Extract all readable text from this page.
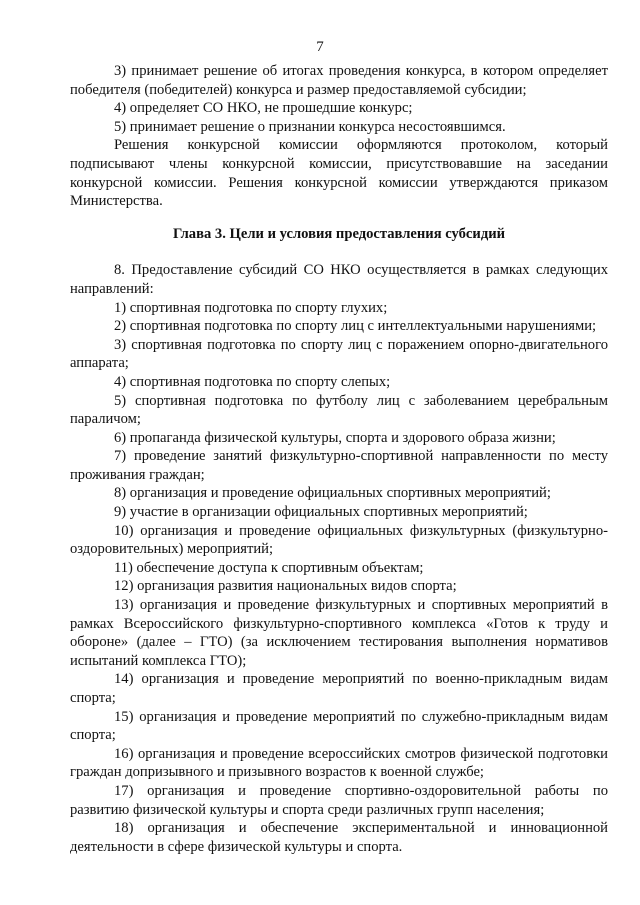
7

3) принимает решение об итогах проведения конкурса, в котором определяет победителя (победителей) конкурса и размер предоставляемой субсидии;

4) определяет СО НКО, не прошедшие конкурс;

5) принимает решение о признании конкурса несостоявшимся.

Решения конкурсной комиссии оформляются протоколом, который подписывают члены конкурсной комиссии, присутствовавшие на заседании конкурсной комиссии. Решения конкурсной комиссии утверждаются приказом Министерства.

Глава 3. Цели и условия предоставления субсидий

8. Предоставление субсидий СО НКО осуществляется в рамках следующих направлений:

1) спортивная подготовка по спорту глухих;

2) спортивная подготовка по спорту лиц с интеллектуальными нарушениями;

3) спортивная подготовка по спорту лиц с поражением опорно-двигательного аппарата;

4) спортивная подготовка по спорту слепых;

5) спортивная подготовка по футболу лиц с заболеванием церебральным параличом;

6) пропаганда физической культуры, спорта и здорового образа жизни;

7) проведение занятий физкультурно-спортивной направленности по месту проживания граждан;

8) организация и проведение официальных спортивных мероприятий;

9) участие в организации официальных спортивных мероприятий;

10) организация и проведение официальных физкультурных (физкультурно-оздоровительных) мероприятий;

11) обеспечение доступа к спортивным объектам;

12) организация развития национальных видов спорта;

13) организация и проведение физкультурных и спортивных мероприятий в рамках Всероссийского физкультурно-спортивного комплекса «Готов к труду и обороне» (далее – ГТО) (за исключением тестирования выполнения нормативов испытаний комплекса ГТО);

14) организация и проведение мероприятий по военно-прикладным видам спорта;

15) организация и проведение мероприятий по служебно-прикладным видам спорта;

16) организация и проведение всероссийских смотров физической подготовки граждан допризывного и призывного возрастов к военной службе;

17) организация и проведение спортивно-оздоровительной работы по развитию физической культуры и спорта среди различных групп населения;

18) организация и обеспечение экспериментальной и инновационной деятельности в сфере физической культуры и спорта.
